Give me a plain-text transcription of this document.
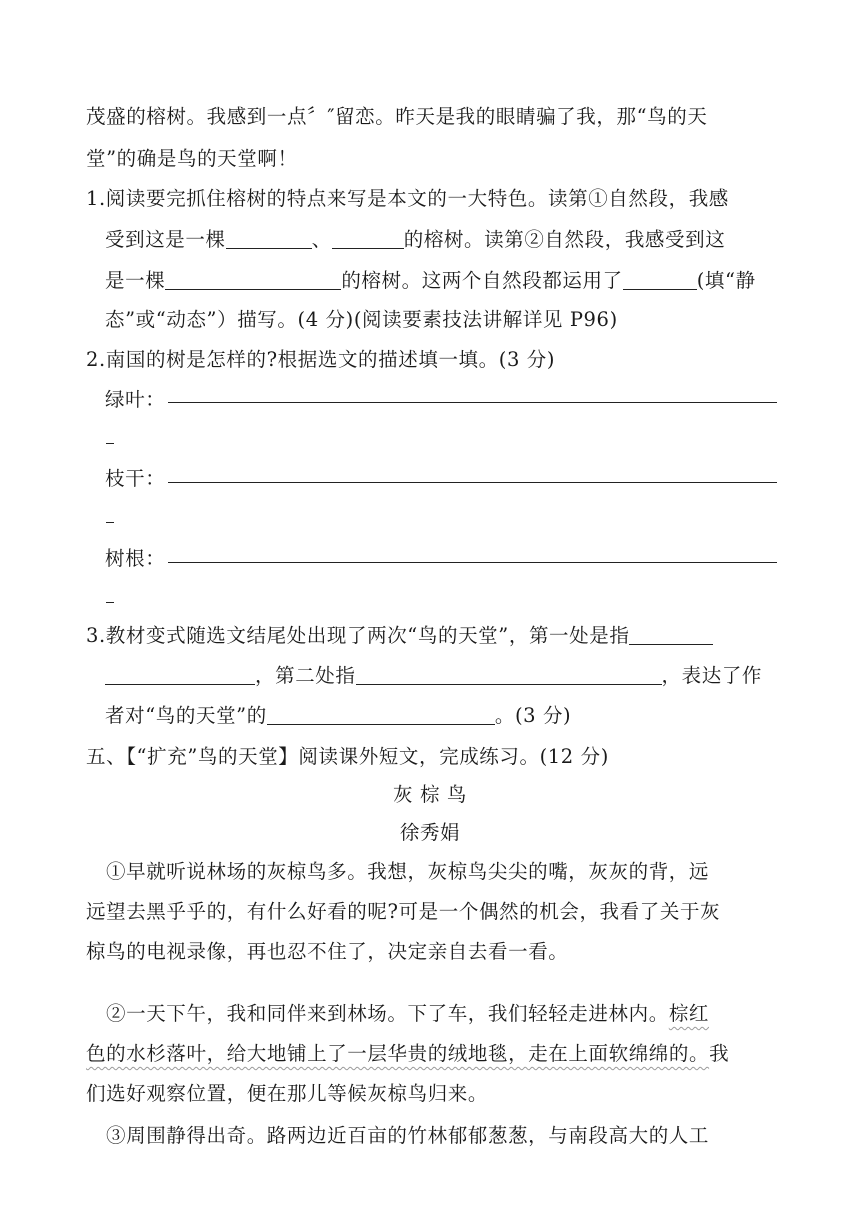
茂盛的榕树。我感到一点〞″留恋。昨天是我的眼睛骗了我，那“鸟的天
堂”的确是鸟的天堂啊！
1.阅读要完抓住榕树的特点来写是本文的一大特色。读第①自然段，我感
受到这是一棵	、	的榕树。读第②自然段，我感受到这
是一棵	的榕树。这两个自然段都运用了	(填“静
态”或“动态”）描写。(4 分)(阅读要素技法讲解详见 P96)
2.南国的树是怎样的?根据选文的描述填一填。(3 分)
绿叶：
枝干：
树根：
3.教材变式随选文结尾处出现了两次“鸟的天堂”，第一处是指
，第二处指	，表达了作
者对“鸟的天堂”的	。(3 分)
五、【“扩充”鸟的天堂】阅读课外短文，完成练习。(12 分)
灰 棕 鸟
徐秀娟
①早就听说林场的灰椋鸟多。我想，灰椋鸟尖尖的嘴，灰灰的背，远
远望去黑乎乎的，有什么好看的呢?可是一个偶然的机会，我看了关于灰
椋鸟的电视录像，再也忍不住了，决定亲自去看一看。
②一天下午，我和同伴来到林场。下了车，我们轻轻走进林内。棕红
色的水杉落叶，给大地铺上了一层华贵的绒地毯，走在上面软绵绵的。我
们选好观察位置，便在那儿等候灰椋鸟归来。
③周围静得出奇。路两边近百亩的竹林郁郁葱葱，与南段高大的人工
